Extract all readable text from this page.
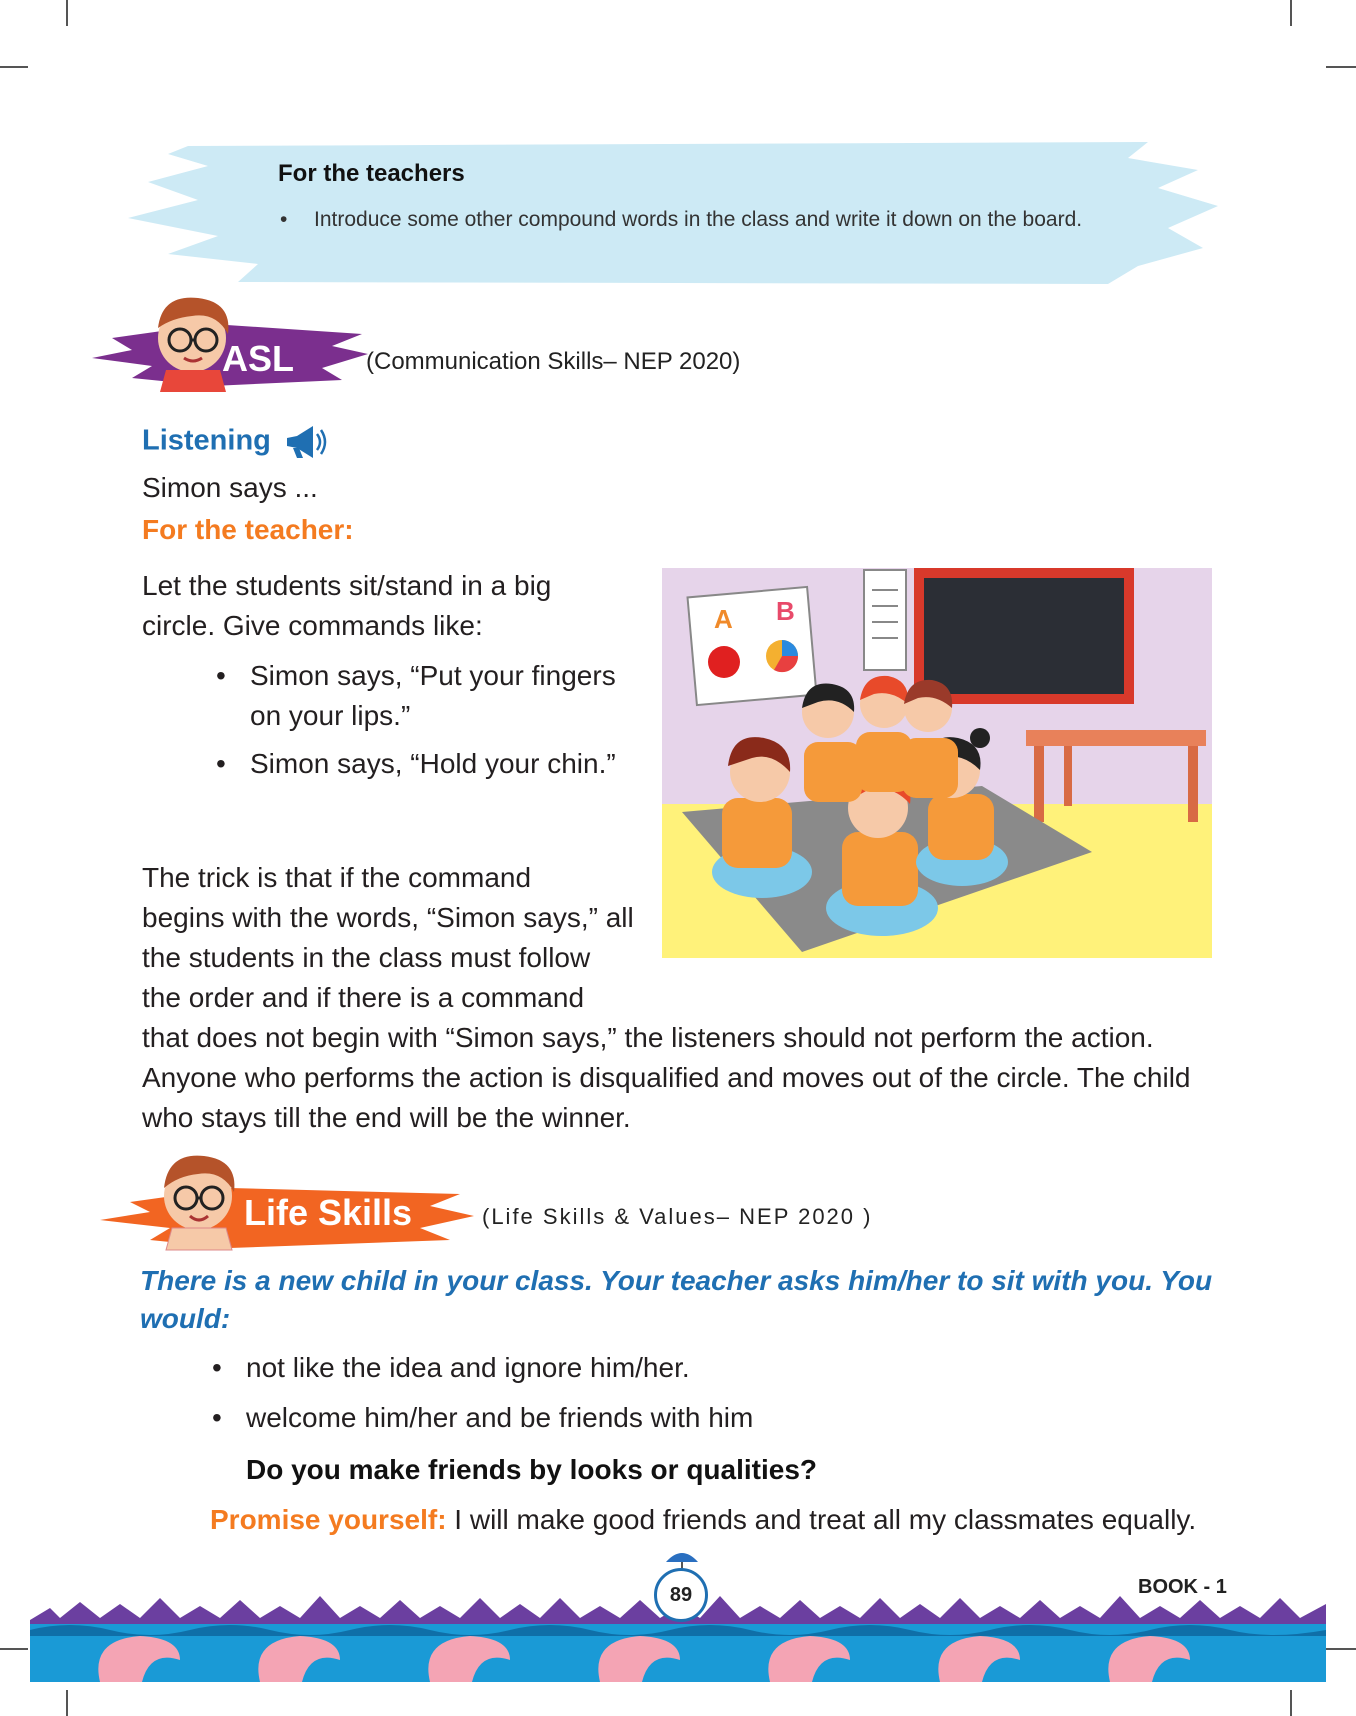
For the teachers
• Introduce some other compound words in the class and write it down on the board.
ASL	(Communication Skills– NEP 2020)
Listening
Simon says ...
For the teacher:
Let the students sit/stand in a big
circle. Give commands like:
• Simon says, “Put your fingers
on your lips.”
• Simon says, “Hold your chin.”
The trick is that if the command
begins with the words, “Simon says,” all
the students in the class must follow
the order and if there is a command
that does not begin with “Simon says,” the listeners should not perform the action.
Anyone who performs the action is disqualified and moves out of the circle. The child
who stays till the end will be the winner.
A B
Life Skills	(Life Skills & Values– NEP 2020 )
There is a new child in your class. Your teacher asks him/her to sit with you. You would:
• not like the idea and ignore him/her.
• welcome him/her and be friends with him
Do you make friends by looks or qualities?
Promise yourself: I will make good friends and treat all my classmates equally.
89	BOOK - 1
